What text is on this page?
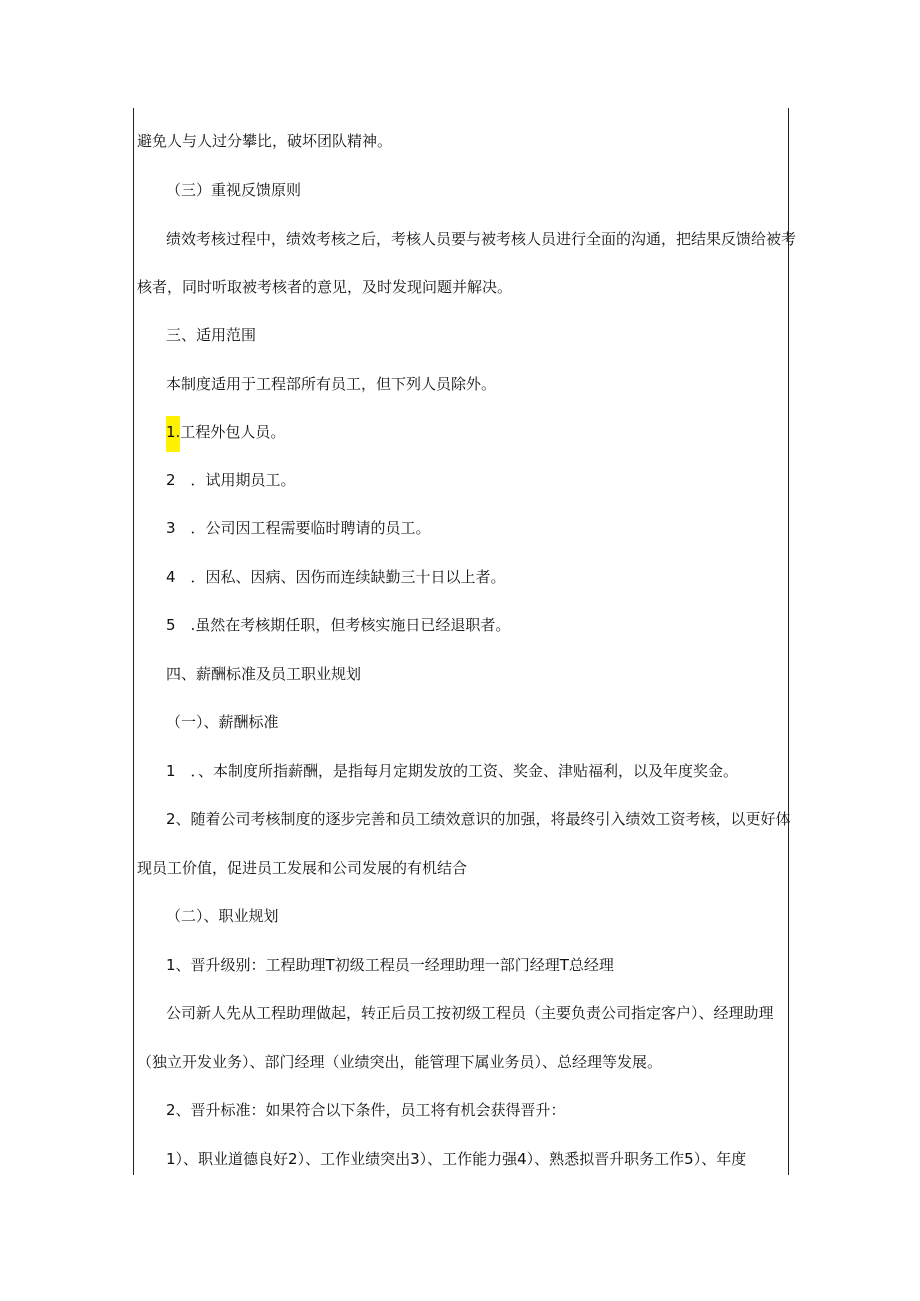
避免人与人过分攀比，破坏团队精神。
（三）重视反馈原则
绩效考核过程中，绩效考核之后，考核人员要与被考核人员进行全面的沟通，把结果反馈给被考
核者，同时听取被考核者的意见，及时发现问题并解决。
三、适用范围
本制度适用于工程部所有员工，但下列人员除外。
1.工程外包人员。
2　．试用期员工。
3　．公司因工程需要临时聘请的员工。
4　．因私、因病、因伤而连续缺勤三十日以上者。
5　.虽然在考核期任职，但考核实施日已经退职者。
四、薪酬标准及员工职业规划
（一）、薪酬标准
1　．、本制度所指薪酬，是指每月定期发放的工资、奖金、津贴福利，以及年度奖金。
2、随着公司考核制度的逐步完善和员工绩效意识的加强，将最终引入绩效工资考核，以更好体
现员工价值，促进员工发展和公司发展的有机结合
（二）、职业规划
1、晋升级别：工程助理T初级工程员一经理助理一部门经理T总经理
公司新人先从工程助理做起，转正后员工按初级工程员（主要负责公司指定客户）、经理助理
（独立开发业务）、部门经理（业绩突出，能管理下属业务员）、总经理等发展。
2、晋升标准：如果符合以下条件，员工将有机会获得晋升：
1）、职业道德良好2）、工作业绩突出3）、工作能力强4）、熟悉拟晋升职务工作5）、年度
